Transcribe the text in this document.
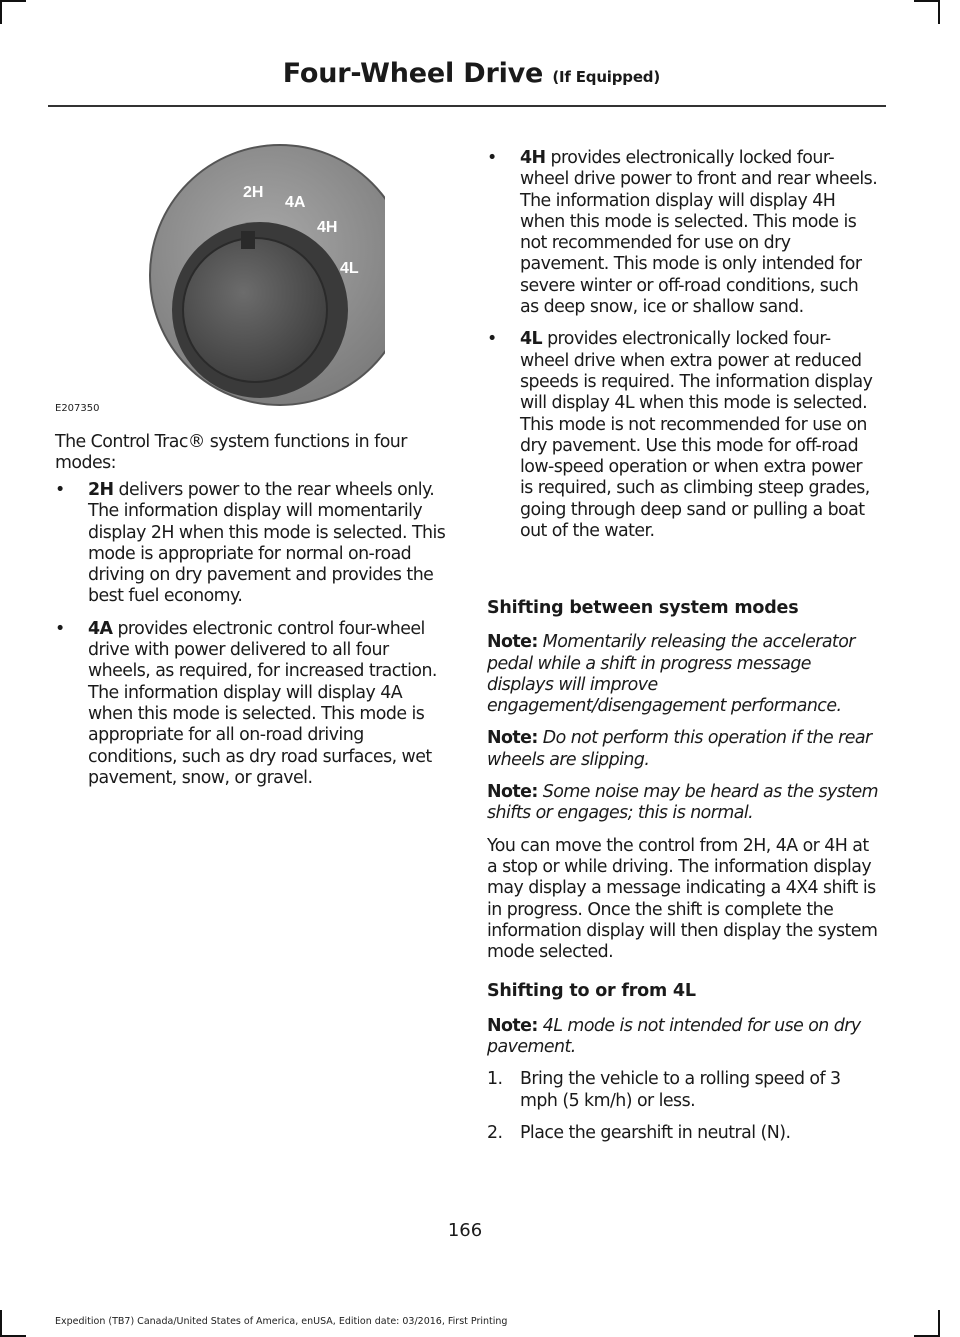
Four-Wheel Drive (If Equipped)
2H
4A
4H
4L
E207350

The Control Trac® system functions in four modes:

• 2H delivers power to the rear wheels only. The information display will momentarily display 2H when this mode is selected. This mode is appropriate for normal on-road driving on dry pavement and provides the best fuel economy.
• 4A provides electronic control four-wheel drive with power delivered to all four wheels, as required, for increased traction. The information display will display 4A when this mode is selected. This mode is appropriate for all on-road driving conditions, such as dry road surfaces, wet pavement, snow, or gravel.
• 4H provides electronically locked four-wheel drive power to front and rear wheels. The information display will display 4H when this mode is selected. This mode is not recommended for use on dry pavement. This mode is only intended for severe winter or off-road conditions, such as deep snow, ice or shallow sand.
• 4L provides electronically locked four-wheel drive when extra power at reduced speeds is required. The information display will display 4L when this mode is selected. This mode is not recommended for use on dry pavement. Use this mode for off-road low-speed operation or when extra power is required, such as climbing steep grades, going through deep sand or pulling a boat out of the water.
Shifting between system modes

Note: Momentarily releasing the accelerator pedal while a shift in progress message displays will improve engagement/disengagement performance.

Note: Do not perform this operation if the rear wheels are slipping.

Note: Some noise may be heard as the system shifts or engages; this is normal.

You can move the control from 2H, 4A or 4H at a stop or while driving. The information display may display a message indicating a 4X4 shift is in progress. Once the shift is complete the information display will then display the system mode selected.

Shifting to or from 4L

Note: 4L mode is not intended for use on dry pavement.

1. Bring the vehicle to a rolling speed of 3 mph (5 km/h) or less.
2. Place the gearshift in neutral (N).
166
Expedition (TB7) Canada/United States of America, enUSA, Edition date: 03/2016, First Printing
